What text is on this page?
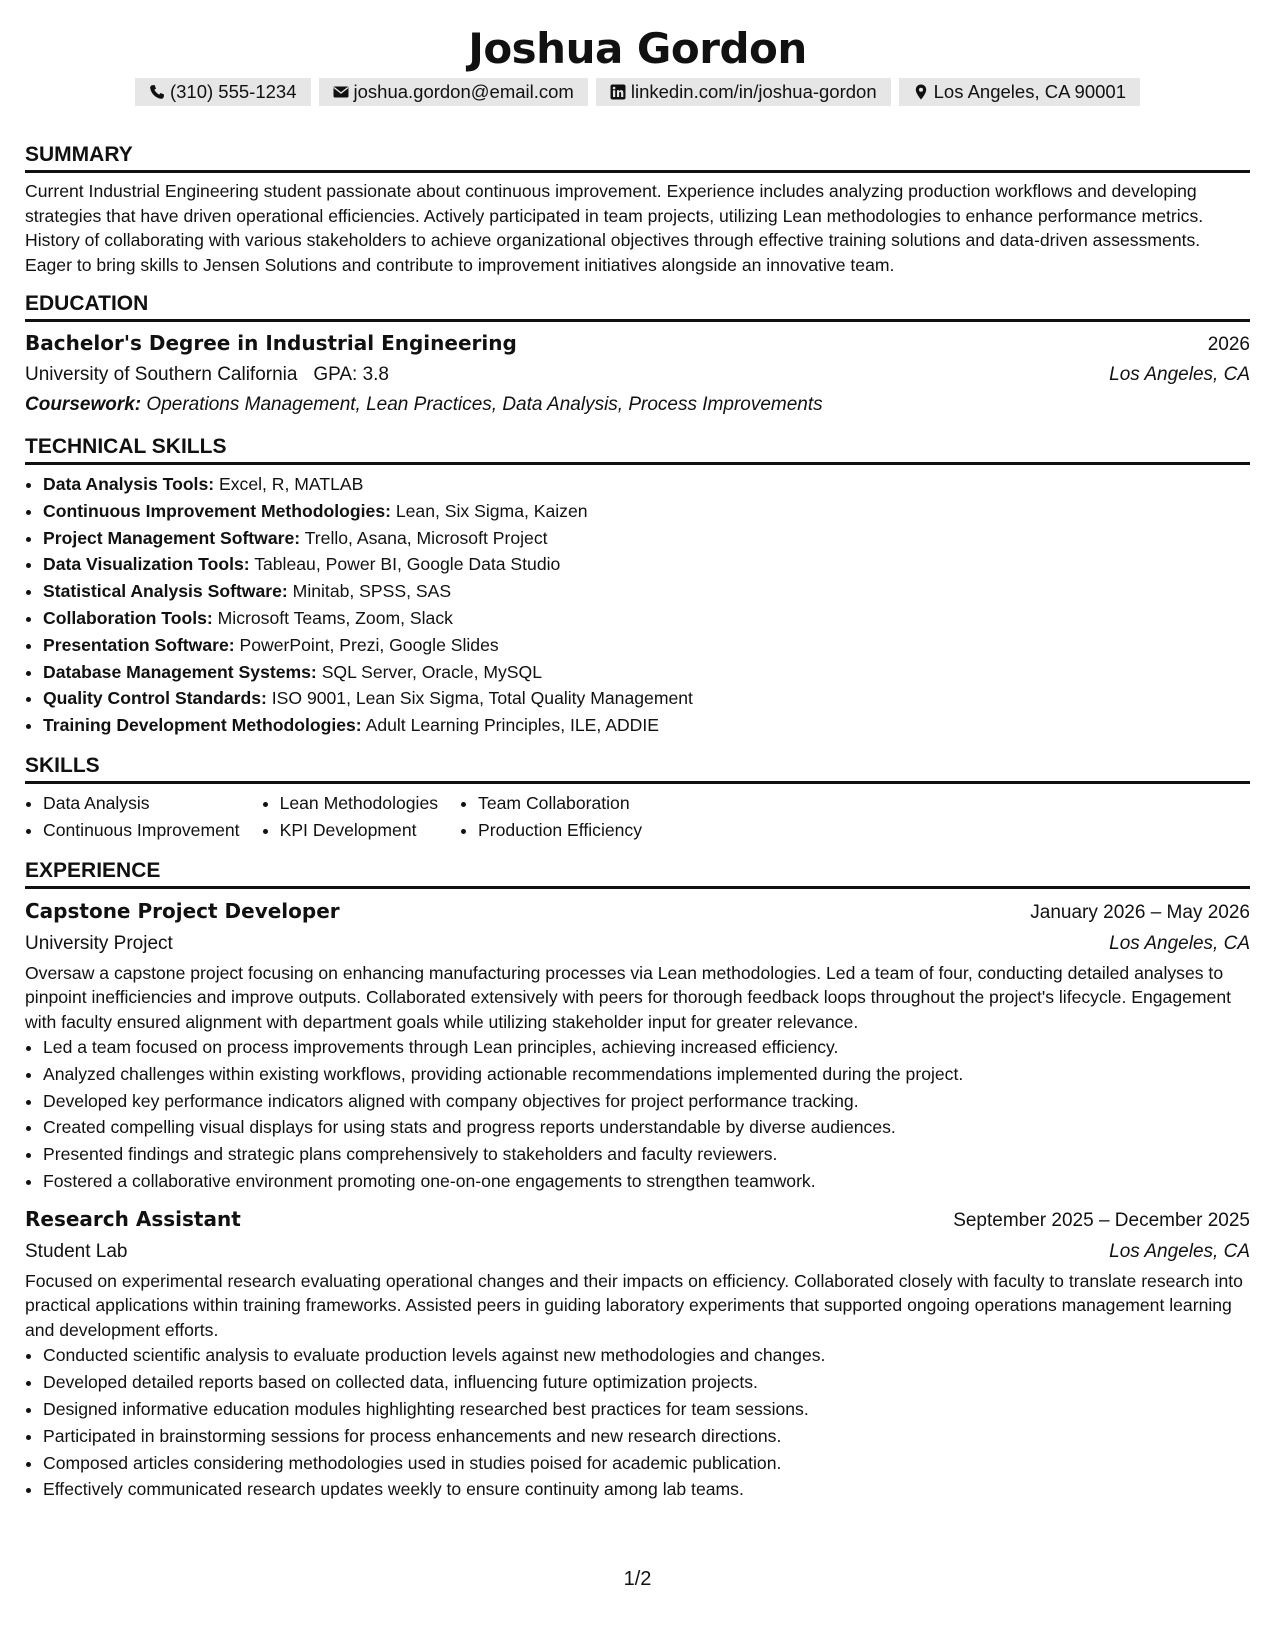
Joshua Gordon
(310) 555-1234	joshua.gordon@email.com	linkedin.com/in/joshua-gordon	Los Angeles, CA 90001
SUMMARY

Current Industrial Engineering student passionate about continuous improvement. Experience includes analyzing production workflows and developing strategies that have driven operational efficiencies. Actively participated in team projects, utilizing Lean methodologies to enhance performance metrics. History of collaborating with various stakeholders to achieve organizational objectives through effective training solutions and data-driven assessments. Eager to bring skills to Jensen Solutions and contribute to improvement initiatives alongside an innovative team.

EDUCATION
Bachelor's Degree in Industrial Engineering	2026
University of Southern California GPA: 3.8	Los Angeles, CA
Coursework: Operations Management, Lean Practices, Data Analysis, Process Improvements
TECHNICAL SKILLS
• Data Analysis Tools: Excel, R, MATLAB
• Continuous Improvement Methodologies: Lean, Six Sigma, Kaizen
• Project Management Software: Trello, Asana, Microsoft Project
• Data Visualization Tools: Tableau, Power BI, Google Data Studio
• Statistical Analysis Software: Minitab, SPSS, SAS
• Collaboration Tools: Microsoft Teams, Zoom, Slack
• Presentation Software: PowerPoint, Prezi, Google Slides
• Database Management Systems: SQL Server, Oracle, MySQL
• Quality Control Standards: ISO 9001, Lean Six Sigma, Total Quality Management
• Training Development Methodologies: Adult Learning Principles, ILE, ADDIE
SKILLS
• Data Analysis
• Continuous Improvement
• Lean Methodologies
• KPI Development
• Team Collaboration
• Production Efficiency
EXPERIENCE
Capstone Project Developer	January 2026 – May 2026
University Project	Los Angeles, CA

Oversaw a capstone project focusing on enhancing manufacturing processes via Lean methodologies. Led a team of four, conducting detailed analyses to pinpoint inefficiencies and improve outputs. Collaborated extensively with peers for thorough feedback loops throughout the project's lifecycle. Engagement with faculty ensured alignment with department goals while utilizing stakeholder input for greater relevance.

• Led a team focused on process improvements through Lean principles, achieving increased efficiency.
• Analyzed challenges within existing workflows, providing actionable recommendations implemented during the project.
• Developed key performance indicators aligned with company objectives for project performance tracking.
• Created compelling visual displays for using stats and progress reports understandable by diverse audiences.
• Presented findings and strategic plans comprehensively to stakeholders and faculty reviewers.
• Fostered a collaborative environment promoting one-on-one engagements to strengthen teamwork.
Research Assistant	September 2025 – December 2025
Student Lab	Los Angeles, CA

Focused on experimental research evaluating operational changes and their impacts on efficiency. Collaborated closely with faculty to translate research into practical applications within training frameworks. Assisted peers in guiding laboratory experiments that supported ongoing operations management learning and development efforts.

• Conducted scientific analysis to evaluate production levels against new methodologies and changes.
• Developed detailed reports based on collected data, influencing future optimization projects.
• Designed informative education modules highlighting researched best practices for team sessions.
• Participated in brainstorming sessions for process enhancements and new research directions.
• Composed articles considering methodologies used in studies poised for academic publication.
• Effectively communicated research updates weekly to ensure continuity among lab teams.
1/2
